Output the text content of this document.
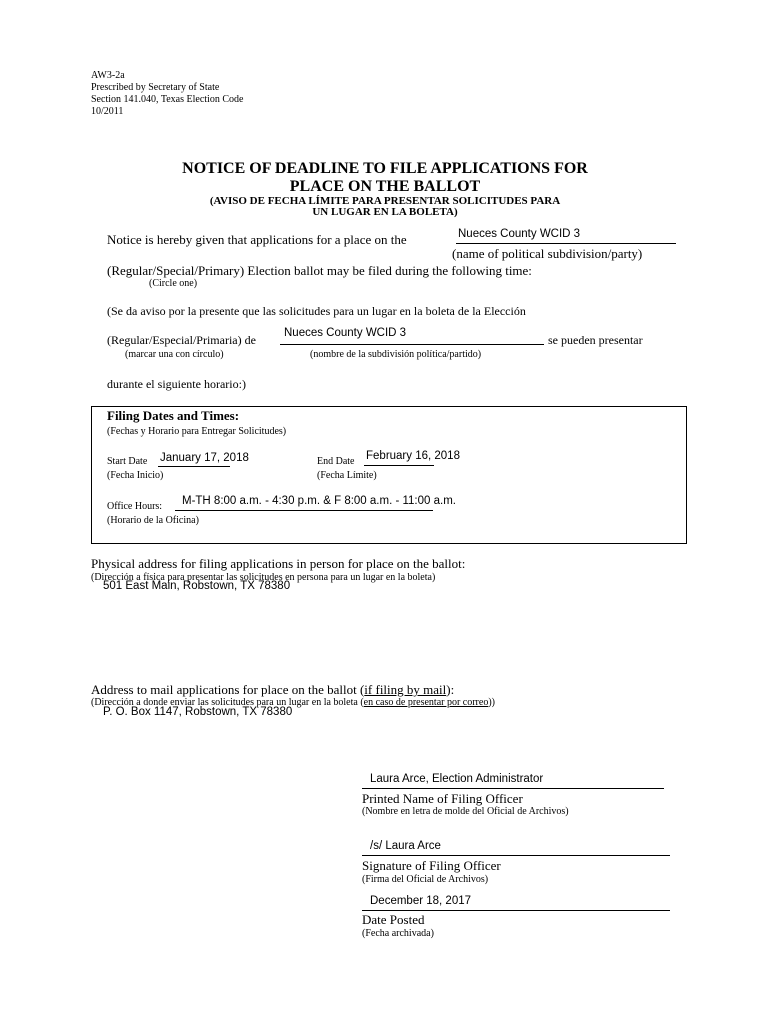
AW3-2a
Prescribed by Secretary of State
Section 141.040, Texas Election Code
10/2011
NOTICE OF DEADLINE TO FILE APPLICATIONS FOR
PLACE ON THE BALLOT
(AVISO DE FECHA LÍMITE PARA PRESENTAR SOLICITUDES PARA
UN LUGAR EN LA BOLETA)
Notice is hereby given that applications for a place on the	Nueces County WCID 3
(name of political subdivision/party)
(Regular/Special/Primary) Election ballot may be filed during the following time:
(Circle one)
(Se da aviso por la presente que las solicitudes para un lugar en la boleta de la Elección
(Regular/Especial/Primaria) de Nueces County WCID 3	se pueden presentar
(marcar una con círculo)	(nombre de la subdivisión política/partido)
durante el siguiente horario:)
Filing Dates and Times:
(Fechas y Horario para Entregar Solicitudes)
Start Date January 17, 2018
(Fecha Inicio)
End Date February 16, 2018
(Fecha Límite)
Office Hours: M-TH 8:00 a.m. - 4:30 p.m. & F 8:00 a.m. - 11:00 a.m.
(Horario de la Oficina)
Physical address for filing applications in person for place on the ballot:
(Dirección a física para presentar las solicitudes en persona para un lugar en la boleta)
501 East Main, Robstown, TX 78380
Address to mail applications for place on the ballot (if filing by mail):
(Dirección a donde enviar las solicitudes para un lugar en la boleta (en caso de presentar por correo))
P. O. Box 1147, Robstown, TX 78380
Laura Arce, Election Administrator
Printed Name of Filing Officer
(Nombre en letra de molde del Oficial de Archivos)
/s/ Laura Arce
Signature of Filing Officer
(Firma del Oficial de Archivos)
December 18, 2017
Date Posted
(Fecha archivada)
